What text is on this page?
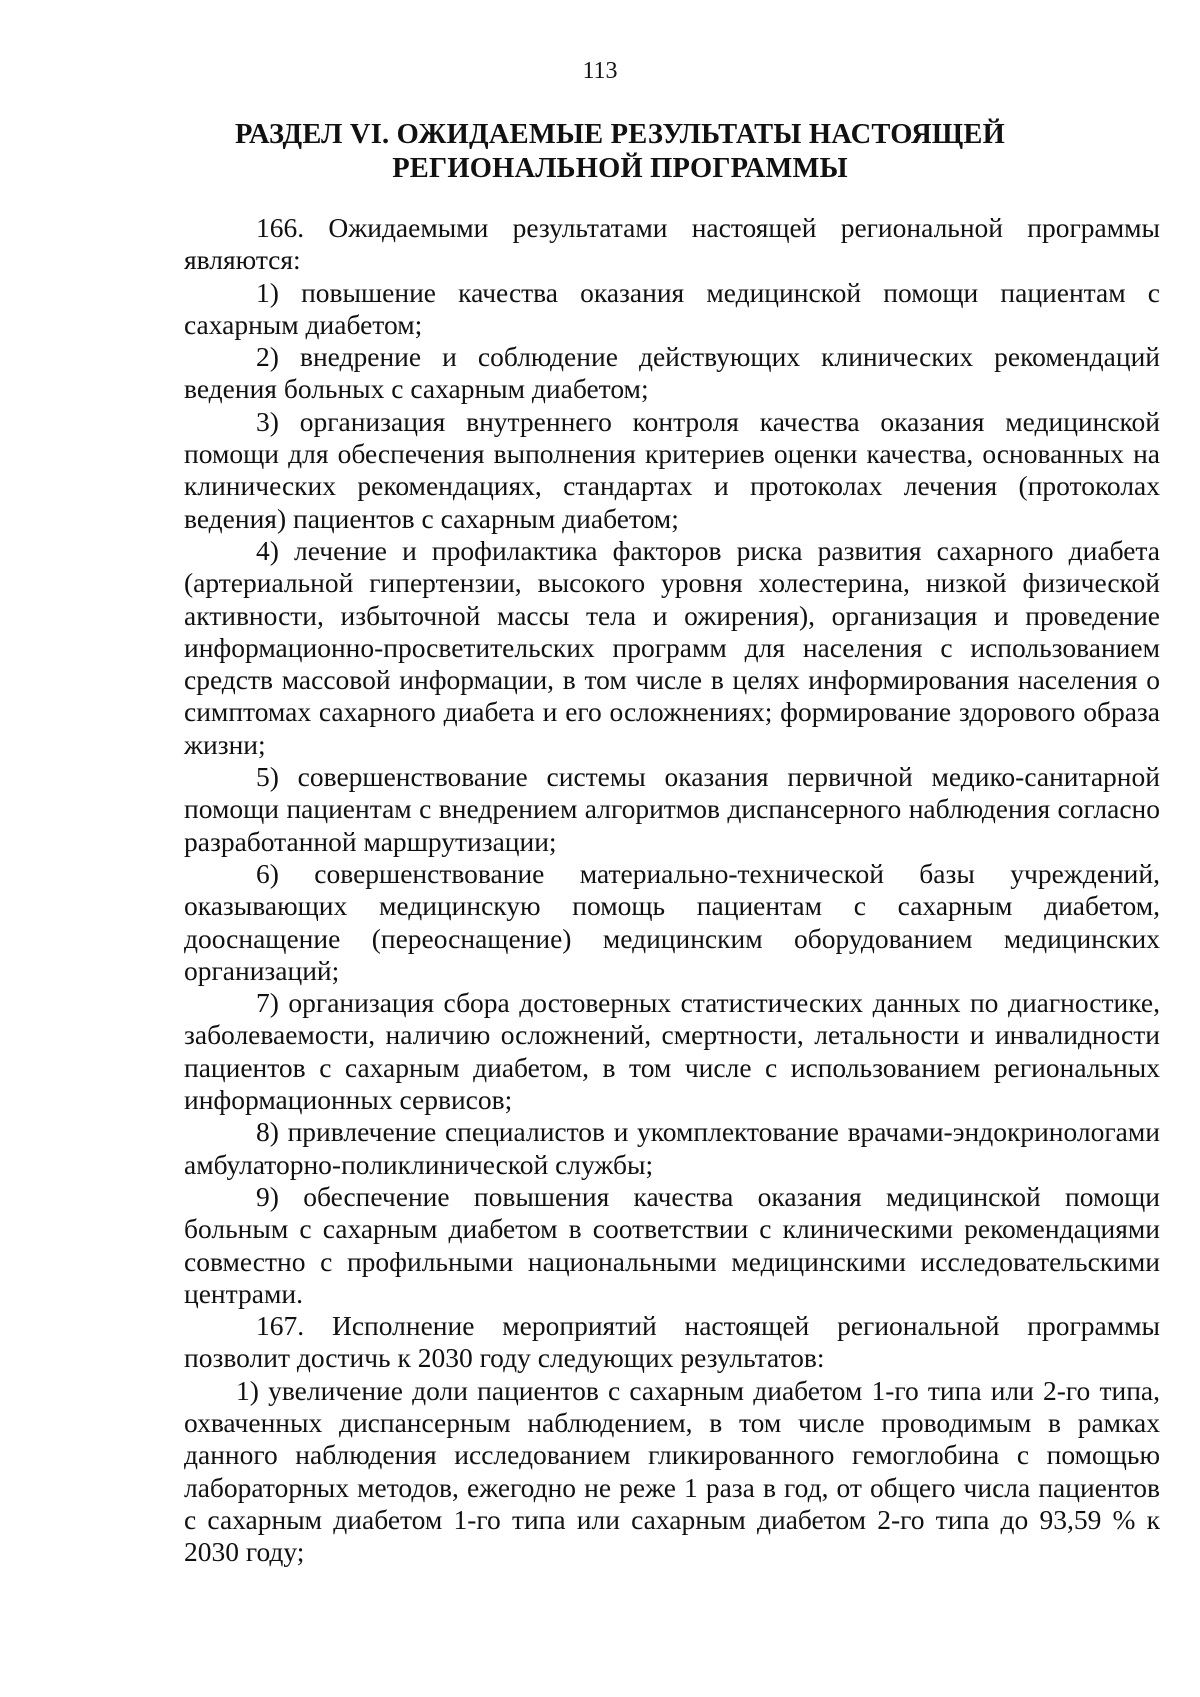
113
РАЗДЕЛ VI. ОЖИДАЕМЫЕ РЕЗУЛЬТАТЫ НАСТОЯЩЕЙ
РЕГИОНАЛЬНОЙ ПРОГРАММЫ

166. Ожидаемыми результатами настоящей региональной программы являются:

1) повышение качества оказания медицинской помощи пациентам с сахарным диабетом;

2) внедрение и соблюдение действующих клинических рекомендаций ведения больных с сахарным диабетом;

3) организация внутреннего контроля качества оказания медицинской помощи для обеспечения выполнения критериев оценки качества, основанных на клинических рекомендациях, стандартах и протоколах лечения (протоколах ведения) пациентов с сахарным диабетом;

4) лечение и профилактика факторов риска развития сахарного диабета (артериальной гипертензии, высокого уровня холестерина, низкой физической активности, избыточной массы тела и ожирения), организация и проведение информационно-просветительских программ для населения с использованием средств массовой информации, в том числе в целях информирования населения о симптомах сахарного диабета и его осложнениях; формирование здорового образа жизни;

5) совершенствование системы оказания первичной медико-санитарной помощи пациентам с внедрением алгоритмов диспансерного наблюдения согласно разработанной маршрутизации;

6) совершенствование материально-технической базы учреждений, оказывающих медицинскую помощь пациентам с сахарным диабетом, дооснащение (переоснащение) медицинским оборудованием медицинских организаций;

7) организация сбора достоверных статистических данных по диагностике, заболеваемости, наличию осложнений, смертности, летальности и инвалидности пациентов с сахарным диабетом, в том числе с использованием региональных информационных сервисов;

8) привлечение специалистов и укомплектование врачами-эндокринологами амбулаторно-поликлинической службы;

9) обеспечение повышения качества оказания медицинской помощи больным с сахарным диабетом в соответствии с клиническими рекомендациями совместно с профильными национальными медицинскими исследовательскими центрами.

167. Исполнение мероприятий настоящей региональной программы позволит достичь к 2030 году следующих результатов:

1) увеличение доли пациентов с сахарным диабетом 1-го типа или 2-го типа, охваченных диспансерным наблюдением, в том числе проводимым в рамках данного наблюдения исследованием гликированного гемоглобина с помощью лабораторных методов, ежегодно не реже 1 раза в год, от общего числа пациентов с сахарным диабетом 1-го типа или сахарным диабетом 2-го типа до 93,59 % к 2030 году;
